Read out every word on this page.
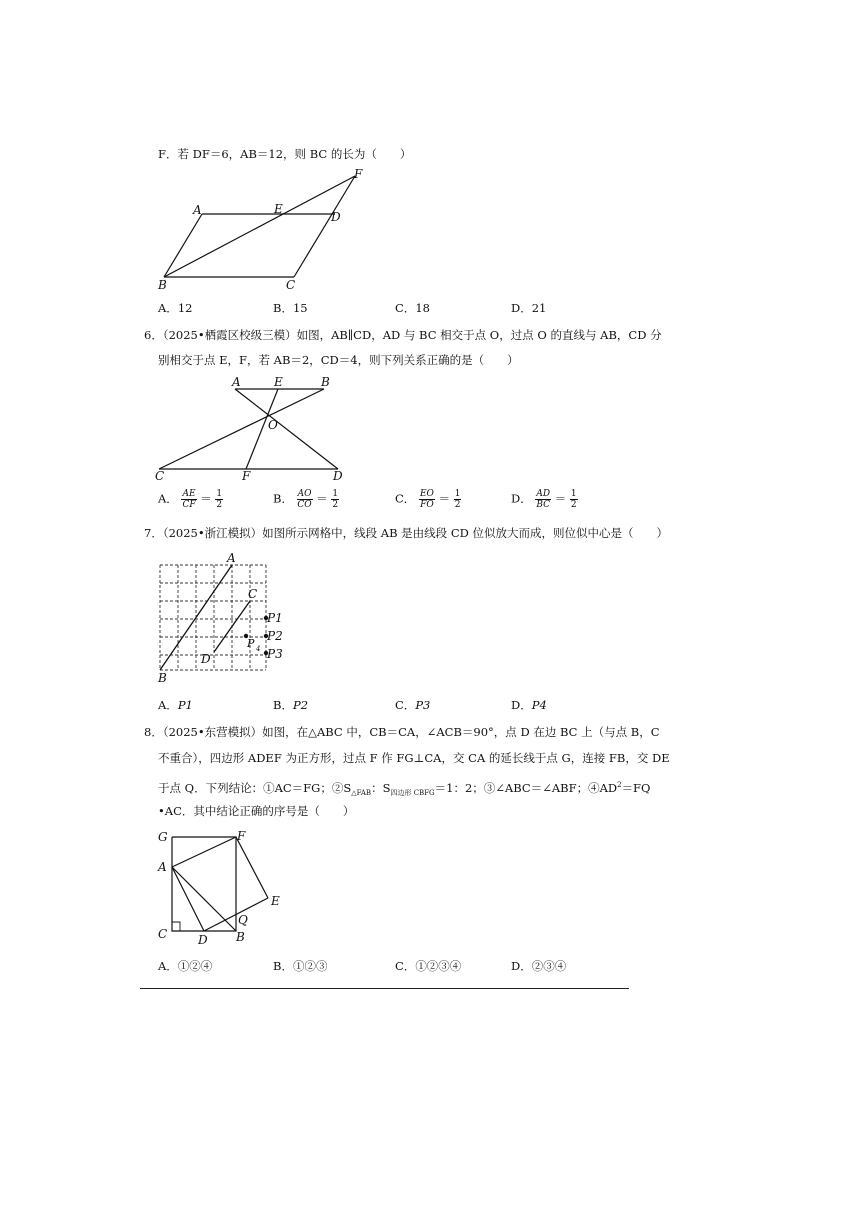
F．若 DF＝6，AB＝12，则 BC 的长为（　　）
A	E
D
F
B	C
A．12	B．15	C．18	D．21
6．（2025•栖霞区校级三模）如图，AB∥CD，AD 与 BC 相交于点 O，过点 O 的直线与 AB，CD 分
别相交于点 E，F，若 AB＝2，CD＝4，则下列关系正确的是（　　）
A	E	B
O
C	F	D
A． $\frac{AE}{CF} = \frac{1}{2}$	B． $\frac{AO}{CO} = \frac{1}{2}$	C． $\frac{EO}{FO} = \frac{1}{2}$	D． $\frac{AD}{BC} = \frac{1}{2}$
7．（2025•浙江模拟）如图所示网格中，线段 AB 是由线段 CD 位似放大而成，则位似中心是（　　）
A
C
P1
P2
P 4 P3
D
B
A．P1	B．P2	C．P3	D．P4
8．（2025•东营模拟）如图，在△ABC 中，CB＝CA，∠ACB＝90°，点 D 在边 BC 上（与点 B，C
不重合），四边形 ADEF 为正方形，过点 F 作 FG⊥CA，交 CA 的延长线于点 G，连接 FB，交 DE
于点 Q．下列结论：①AC＝FG；$②S_{\triangle FAB}$：$S_{四边形 CBFG}=1$：2；③∠ABC＝∠ABF；$④AD^2=FQ$
•AC．其中结论正确的序号是（　　）
G	F
A
E
Q
C	D B
A．①②④	B．①②③	C．①②③④	D．②③④
